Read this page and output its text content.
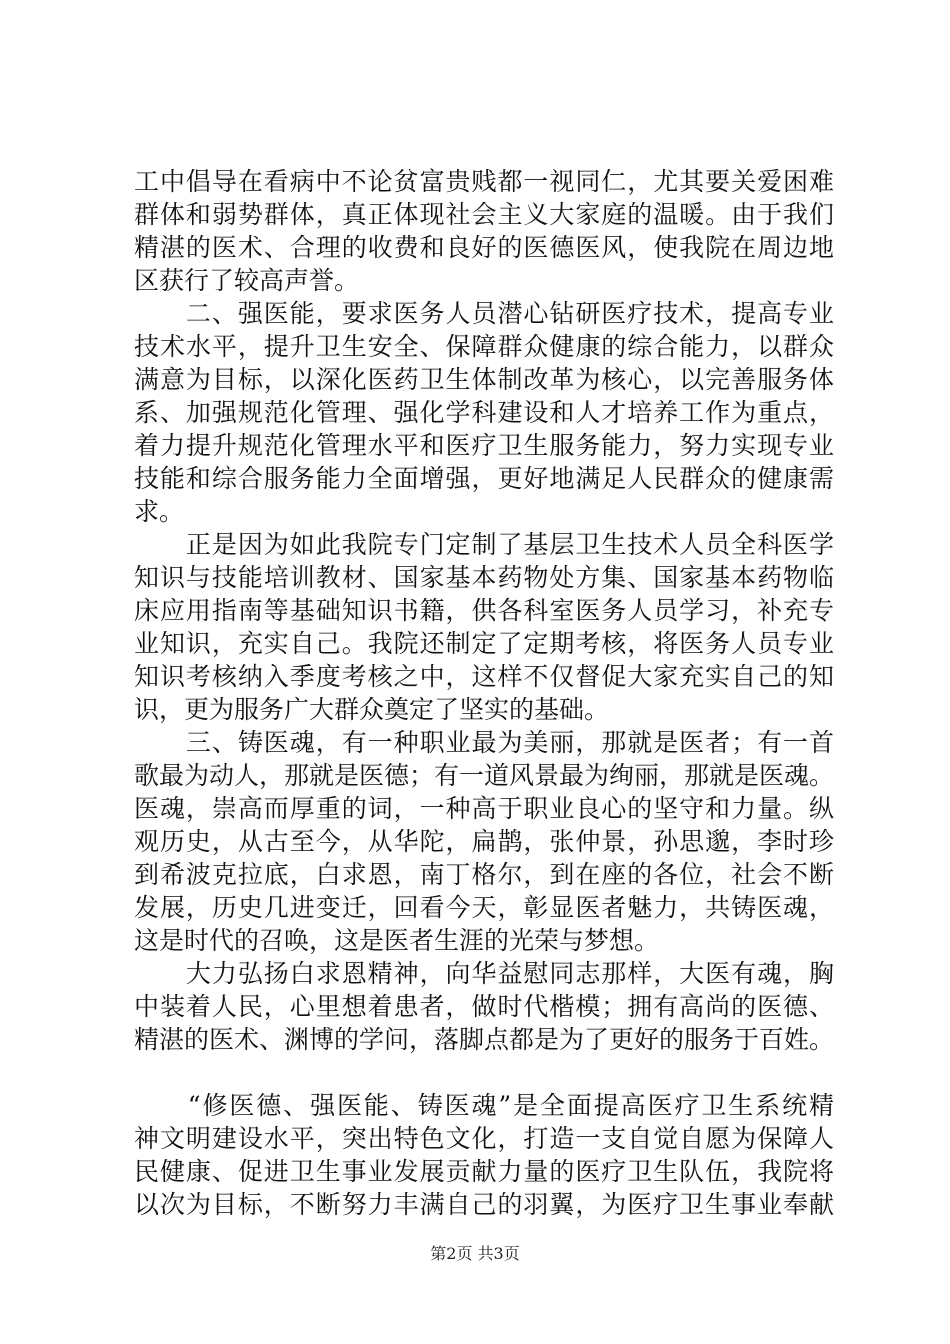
工中倡导在看病中不论贫富贵贱都一视同仁，尤其要关爱困难
群体和弱势群体，真正体现社会主义大家庭的温暖。由于我们
精湛的医术、合理的收费和良好的医德医风，使我院在周边地
区获行了较高声誉。
　　二、强医能，要求医务人员潜心钻研医疗技术，提高专业
技术水平，提升卫生安全、保障群众健康的综合能力，以群众
满意为目标，以深化医药卫生体制改革为核心，以完善服务体
系、加强规范化管理、强化学科建设和人才培养工作为重点，
着力提升规范化管理水平和医疗卫生服务能力，努力实现专业
技能和综合服务能力全面增强，更好地满足人民群众的健康需
求。
　　正是因为如此我院专门定制了基层卫生技术人员全科医学
知识与技能培训教材、国家基本药物处方集、国家基本药物临
床应用指南等基础知识书籍，供各科室医务人员学习，补充专
业知识，充实自己。我院还制定了定期考核，将医务人员专业
知识考核纳入季度考核之中，这样不仅督促大家充实自己的知
识，更为服务广大群众奠定了坚实的基础。
　　三、铸医魂，有一种职业最为美丽，那就是医者；有一首
歌最为动人，那就是医德；有一道风景最为绚丽，那就是医魂。
医魂，崇高而厚重的词，一种高于职业良心的坚守和力量。纵
观历史，从古至今，从华陀，扁鹊，张仲景，孙思邈，李时珍
到希波克拉底，白求恩，南丁格尔，到在座的各位，社会不断
发展，历史几进变迁，回看今天，彰显医者魅力，共铸医魂，
这是时代的召唤，这是医者生涯的光荣与梦想。
　　大力弘扬白求恩精神，向华益慰同志那样，大医有魂，胸
中装着人民，心里想着患者，做时代楷模；拥有高尚的医德、
精湛的医术、渊博的学问，落脚点都是为了更好的服务于百姓。
　　“修医德、强医能、铸医魂”是全面提高医疗卫生系统精
神文明建设水平，突出特色文化，打造一支自觉自愿为保障人
民健康、促进卫生事业发展贡献力量的医疗卫生队伍，我院将
以次为目标，不断努力丰满自己的羽翼，为医疗卫生事业奉献
第2页 共3页
